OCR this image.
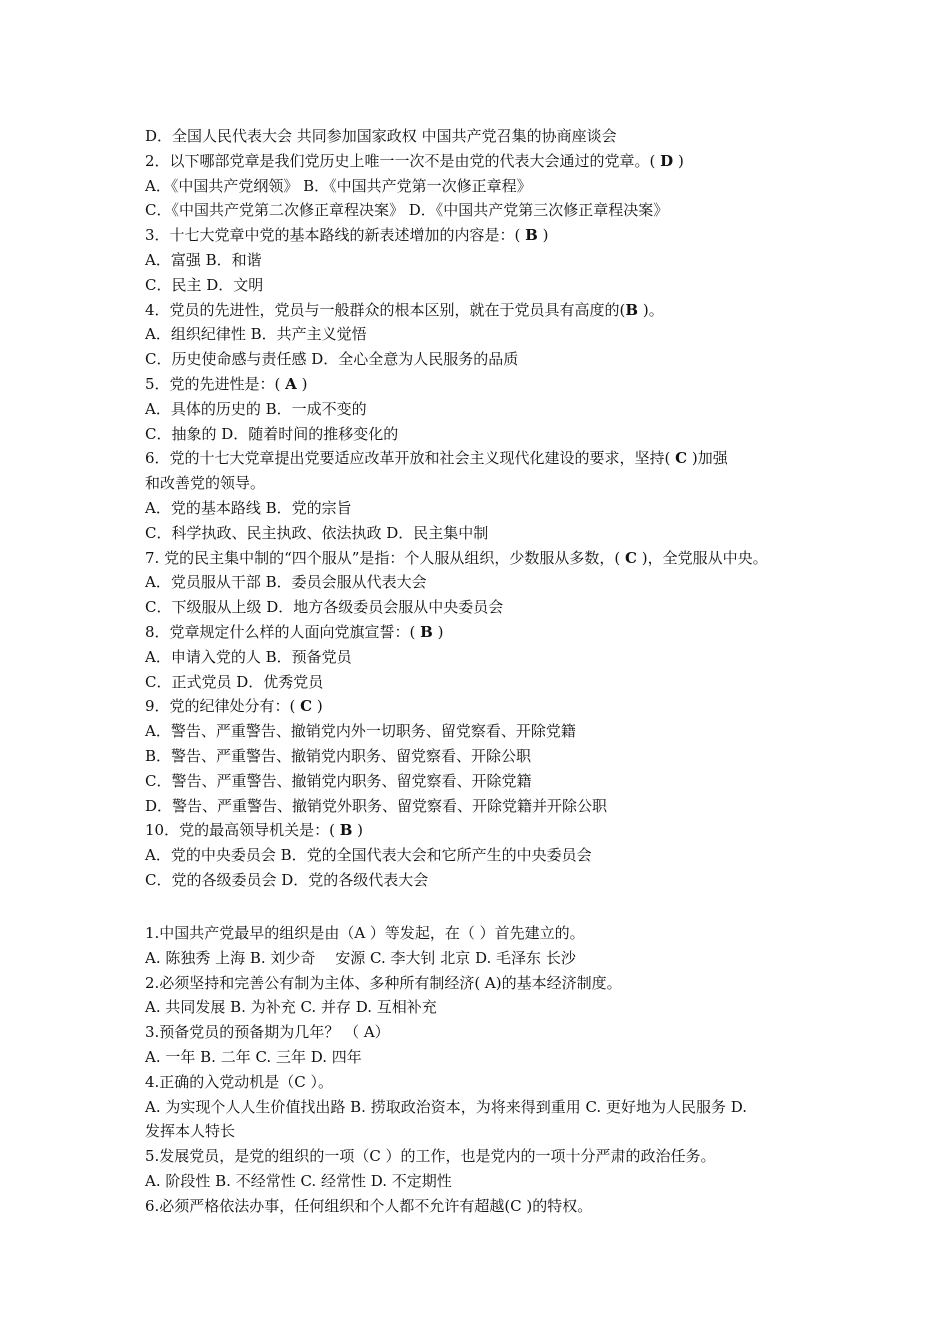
D．全国人民代表大会 共同参加国家政权 中国共产党召集的协商座谈会
2．以下哪部党章是我们党历史上唯一一次不是由党的代表大会通过的党章。( D )
A．《中国共产党纲领》 B．《中国共产党第一次修正章程》
C．《中国共产党第二次修正章程决案》 D．《中国共产党第三次修正章程决案》
3．十七大党章中党的基本路线的新表述增加的内容是：( B )
A．富强 B．和谐
C．民主 D．文明
4．党员的先进性，党员与一般群众的根本区别，就在于党员具有高度的(B )。
A．组织纪律性 B．共产主义觉悟
C．历史使命感与责任感 D．全心全意为人民服务的品质
5．党的先进性是：( A )
A．具体的历史的 B．一成不变的
C．抽象的 D．随着时间的推移变化的
6．党的十七大党章提出党要适应改革开放和社会主义现代化建设的要求，坚持( C )加强
和改善党的领导。
A．党的基本路线 B．党的宗旨
C．科学执政、民主执政、依法执政 D．民主集中制
7. 党的民主集中制的“四个服从”是指：个人服从组织，少数服从多数，( C )，全党服从中央。
A．党员服从干部 B．委员会服从代表大会
C．下级服从上级 D．地方各级委员会服从中央委员会
8．党章规定什么样的人面向党旗宣誓：( B )
A．申请入党的人 B．预备党员
C．正式党员 D．优秀党员
9．党的纪律处分有：( C )
A．警告、严重警告、撤销党内外一切职务、留党察看、开除党籍
B．警告、严重警告、撤销党内职务、留党察看、开除公职
C．警告、严重警告、撤销党内职务、留党察看、开除党籍
D．警告、严重警告、撤销党外职务、留党察看、开除党籍并开除公职
10．党的最高领导机关是：( B )
A．党的中央委员会 B．党的全国代表大会和它所产生的中央委员会
C．党的各级委员会 D．党的各级代表大会
1.中国共产党最早的组织是由（A ）等发起，在（ ）首先建立的。
A. 陈独秀 上海 B. 刘少奇 　安源 C. 李大钊 北京 D. 毛泽东 长沙
2.必须坚持和完善公有制为主体、多种所有制经济( A)的基本经济制度。
A. 共同发展 B. 为补充 C. 并存 D. 互相补充
3.预备党员的预备期为几年？ （ A）
A. 一年 B. 二年 C. 三年 D. 四年
4.正确的入党动机是（C ）。
A. 为实现个人人生价值找出路 B. 捞取政治资本，为将来得到重用 C. 更好地为人民服务 D.
发挥本人特长
5.发展党员，是党的组织的一项（C ）的工作，也是党内的一项十分严肃的政治任务。
A. 阶段性 B. 不经常性 C. 经常性 D. 不定期性
6.必须严格依法办事，任何组织和个人都不允许有超越(C )的特权。
